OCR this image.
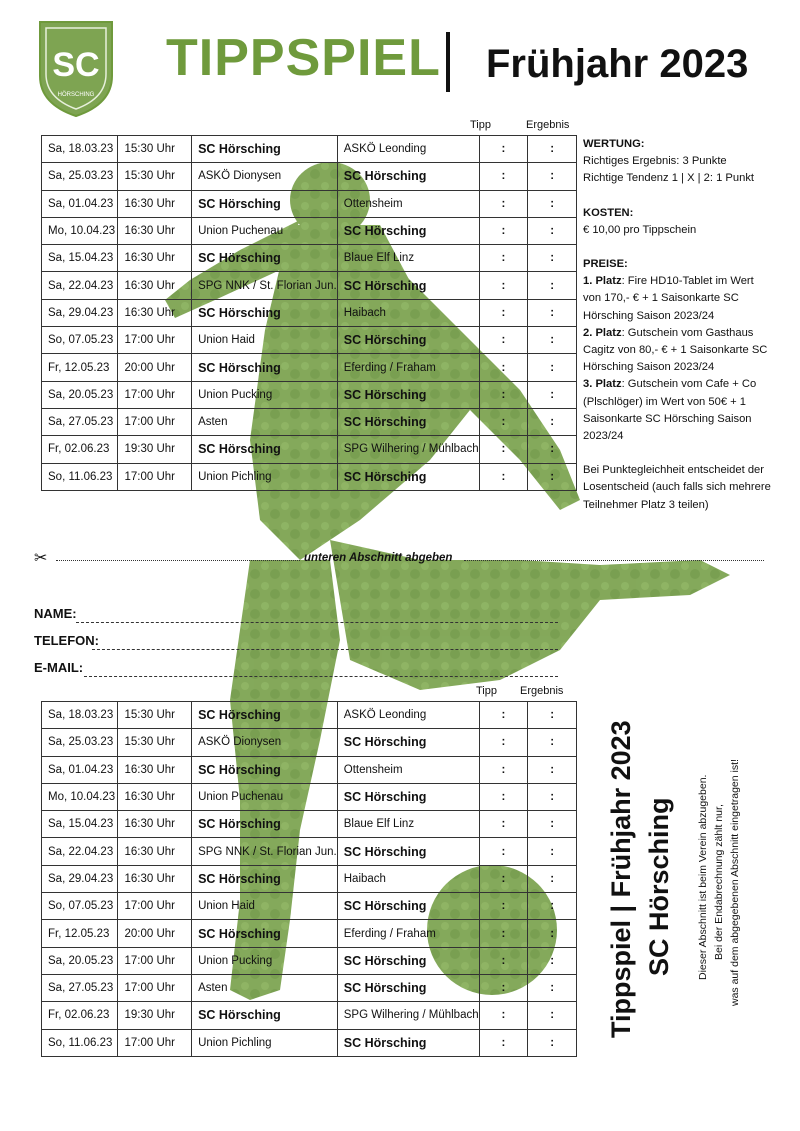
SC
HÖRSCHING
TIPPSPIEL Frühjahr 2023
Tipp	Ergebnis
Sa, 18.03.23	15:30 Uhr	SC Hörsching	ASKÖ Leonding	:	:
Sa, 25.03.23	15:30 Uhr	ASKÖ Dionysen	SC Hörsching	:	:
Sa, 01.04.23	16:30 Uhr	SC Hörsching	Ottensheim	:	:
Mo, 10.04.23	16:30 Uhr	Union Puchenau	SC Hörsching	:	:
Sa, 15.04.23	16:30 Uhr	SC Hörsching	Blaue Elf Linz	:	:
Sa, 22.04.23	16:30 Uhr	SPG NNK / St. Florian Jun.	SC Hörsching	:	:
Sa, 29.04.23	16:30 Uhr	SC Hörsching	Haibach	:	:
So, 07.05.23	17:00 Uhr	Union Haid	SC Hörsching	:	:
Fr, 12.05.23	20:00 Uhr	SC Hörsching	Eferding / Fraham	:	:
Sa, 20.05.23	17:00 Uhr	Union Pucking	SC Hörsching	:	:
Sa, 27.05.23	17:00 Uhr	Asten	SC Hörsching	:	:
Fr, 02.06.23	19:30 Uhr	SC Hörsching	SPG Wilhering / Mühlbach	:	:
So, 11.06.23	17:00 Uhr	Union Pichling	SC Hörsching	:	:
WERTUNG:
Richtiges Ergebnis: 3 Punkte
Richtige Tendenz 1 | X | 2: 1 Punkt
KOSTEN:
€ 10,00 pro Tippschein
PREISE:
1. Platz: Fire HD10-Tablet im Wert von 170,- € + 1 Saisonkarte SC Hörsching Saison 2023/24
2. Platz: Gutschein vom Gasthaus Cagitz von 80,- € + 1 Saisonkarte SC Hörsching Saison 2023/24
3. Platz: Gutschein vom Cafe + Co (Plschlöger) im Wert von 50€ + 1 Saisonkarte SC Hörsching Saison 2023/24
Bei Punktegleichheit entscheidet der Losentscheid (auch falls sich mehrere Teilnehmer Platz 3 teilen)
✂	unteren Abschnitt abgeben
NAME:
TELEFON:
E-MAIL:
Tipp Ergebnis
Sa, 18.03.23	15:30 Uhr	SC Hörsching	ASKÖ Leonding	:	:
Sa, 25.03.23	15:30 Uhr	ASKÖ Dionysen	SC Hörsching	:	:
Sa, 01.04.23	16:30 Uhr	SC Hörsching	Ottensheim	:	:
Mo, 10.04.23	16:30 Uhr	Union Puchenau	SC Hörsching	:	:
Sa, 15.04.23	16:30 Uhr	SC Hörsching	Blaue Elf Linz	:	:
Sa, 22.04.23	16:30 Uhr	SPG NNK / St. Florian Jun.	SC Hörsching	:	:
Sa, 29.04.23	16:30 Uhr	SC Hörsching	Haibach	:	:
So, 07.05.23	17:00 Uhr	Union Haid	SC Hörsching	:	:
Fr, 12.05.23	20:00 Uhr	SC Hörsching	Eferding / Fraham	:	:
Sa, 20.05.23	17:00 Uhr	Union Pucking	SC Hörsching	:	:
Sa, 27.05.23	17:00 Uhr	Asten	SC Hörsching	:	:
Fr, 02.06.23	19:30 Uhr	SC Hörsching	SPG Wilhering / Mühlbach	:	:
So, 11.06.23	17:00 Uhr	Union Pichling	SC Hörsching	:	:
Tippspiel | Frühjahr 2023 SC Hörsching Dieser Abschnitt ist beim Verein abzugeben. Bei der Endabrechnung zählt nur, was auf dem abgegebenen Abschnitt eingetragen ist!
